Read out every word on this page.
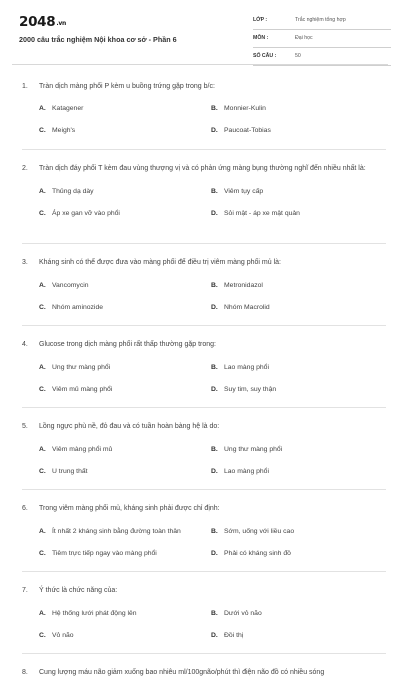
2048.vn
2000 câu trắc nghiệm Nội khoa cơ sở - Phần 6
LỚP :	Trắc nghiệm tổng hợp
MÔN :	Đại học
SỐ CÂU :	50
1. Tràn dịch màng phổi P kèm u buồng trứng gặp trong b/c:
A. Katagener	B. Monnier-Kulin
C. Meigh's	D. Paucoat-Tobias
2. Tràn dịch đáy phổi T kèm đau vùng thượng vị và có phản ứng màng bụng thường nghĩ đến nhiều nhất là:
A. Thủng dạ dày	B. Viêm tụy cấp
C. Áp xe gan vỡ vào phổi	D. Sỏi mật - áp xe mật quản
3. Kháng sinh có thể được đưa vào màng phổi để điều trị viêm màng phổi mủ là:
A. Vancomycin	B. Metronidazol
C. Nhóm aminozide	D. Nhóm Macrolid
4. Glucose trong dịch màng phổi rất thấp thường gặp trong:
A. Ung thư màng phổi	B. Lao màng phổi
C. Viêm mủ màng phổi	D. Suy tim, suy thận
5. Lồng ngực phù nề, đỏ đau và có tuần hoàn bàng hệ là do:
A. Viêm màng phổi mủ	B. Ung thư màng phổi
C. U trung thất	D. Lao màng phổi
6. Trong viêm màng phổi mủ, kháng sinh phải được chỉ định:
A. Ít nhất 2 kháng sinh bằng đường toàn thân	B. Sớm, uống với liều cao
C. Tiêm trực tiếp ngay vào màng phổi	D. Phải có kháng sinh đồ
7. Ý thức là chức năng của:
A. Hệ thống lưới phát động lên	B. Dưới vỏ não
C. Vỏ não	D. Đồi thị
8. Cung lượng máu não giảm xuống bao nhiêu ml/100gnão/phút thì điện não đồ có nhiều sóng
